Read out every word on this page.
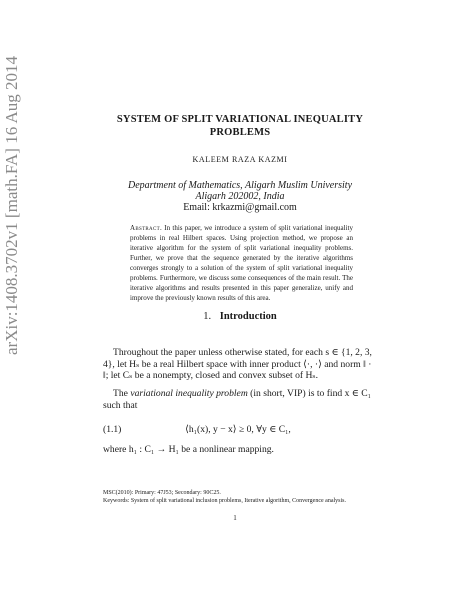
arXiv:1408.3702v1 [math.FA] 16 Aug 2014	SYSTEM OF SPLIT VARIATIONAL INEQUALITY
PROBLEMS
KALEEM RAZA KAZMI
Department of Mathematics, Aligarh Muslim University
Aligarh 202002, India
Email: krkazmi@gmail.com
Abstract. In this paper, we introduce a system of split variational inequality problems in real Hilbert spaces. Using projection method, we propose an iterative algorithm for the system of split variational inequality problems. Further, we prove that the sequence generated by the iterative algorithms converges strongly to a solution of the system of split variational inequality problems. Furthermore, we discuss some consequences of the main result. The iterative algorithms and results presented in this paper generalize, unify and improve the previously known results of this area.
1. Introduction
Throughout the paper unless otherwise stated, for each s ∈ {1, 2, 3, 4}, let Hₛ be a real Hilbert space with inner product ⟨·, ·⟩ and norm ‖ · ‖; let Cₛ be a nonempty, closed and convex subset of Hₛ.
The variational inequality problem (in short, VIP) is to find x ∈ C₁ such that
(1.1)	⟨h₁(x), y − x⟩ ≥ 0, ∀y ∈ C₁,
where h₁ : C₁ → H₁ be a nonlinear mapping.
MSC(2010): Primary: 47J53; Secondary: 90C25.
Keywords: System of split variational inclusion problems, Iterative algorithm, Convergence analysis.
1
